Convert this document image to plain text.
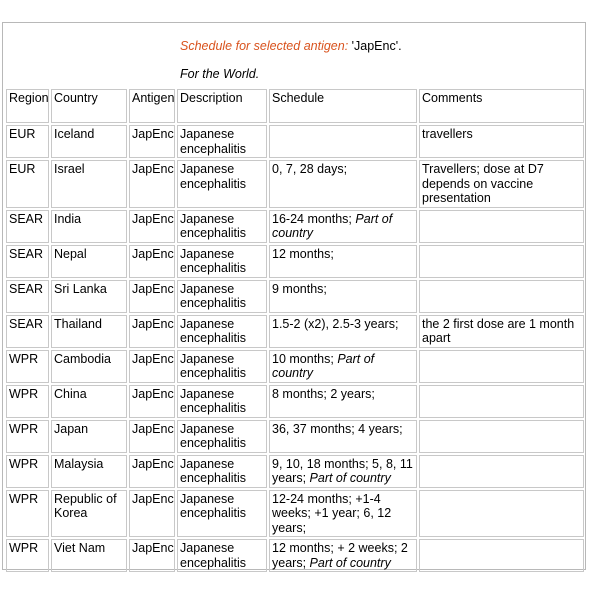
Schedule for selected antigen: 'JapEnc'.
For the World.
Region	Country	Antigen	Description	Schedule	Comments
EUR	Iceland	JapEnc	Japanese encephalitis		travellers
EUR	Israel	JapEnc	Japanese encephalitis	0, 7, 28 days;	Travellers; dose at D7 depends on vaccine presentation
SEAR	India	JapEnc	Japanese encephalitis	16-24 months; Part of country	
SEAR	Nepal	JapEnc	Japanese encephalitis	12 months;	
SEAR	Sri Lanka	JapEnc	Japanese encephalitis	9 months;	
SEAR	Thailand	JapEnc	Japanese encephalitis	1.5-2 (x2), 2.5-3 years;	the 2 first dose are 1 month apart
WPR	Cambodia	JapEnc	Japanese encephalitis	10 months; Part of country	
WPR	China	JapEnc	Japanese encephalitis	8 months; 2 years;	
WPR	Japan	JapEnc	Japanese encephalitis	36, 37 months; 4 years;	
WPR	Malaysia	JapEnc	Japanese encephalitis	9, 10, 18 months; 5, 8, 11 years; Part of country	
WPR	Republic of Korea	JapEnc	Japanese encephalitis	12-24 months; +1-4 weeks; +1 year; 6, 12 years;	
WPR	Viet Nam	JapEnc	Japanese encephalitis	12 months; + 2 weeks; 2 years; Part of country	
